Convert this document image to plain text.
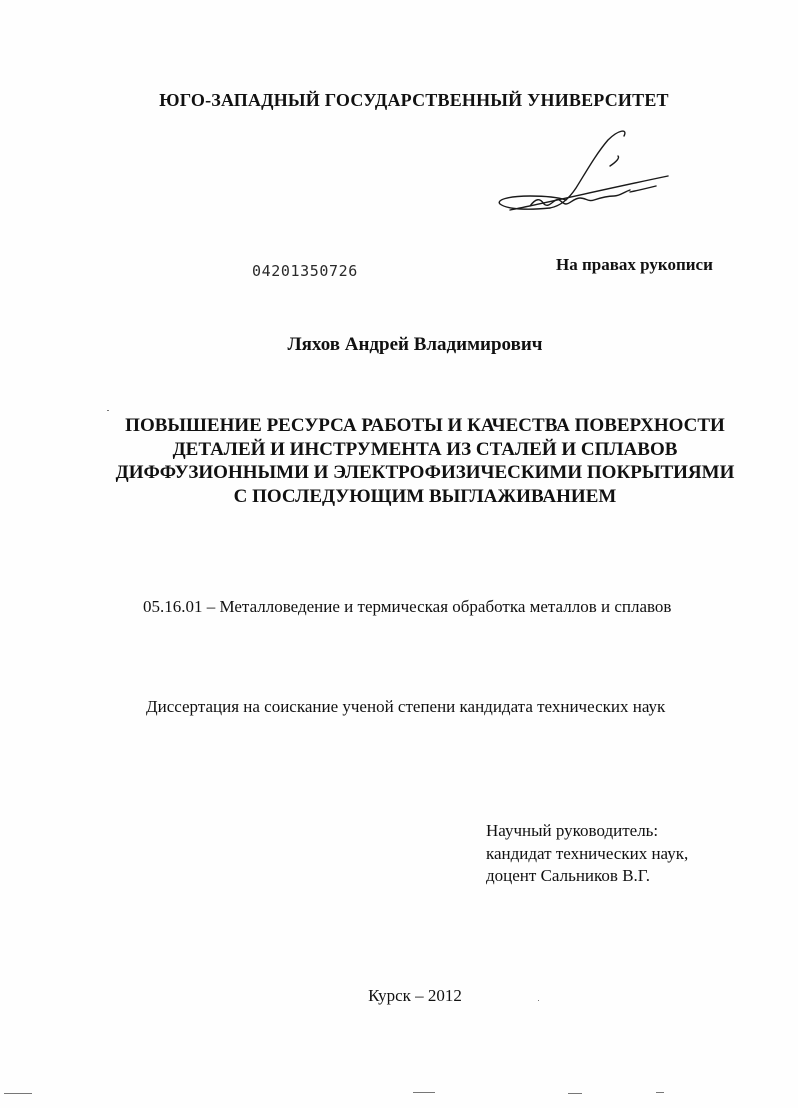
ЮГО-ЗАПАДНЫЙ ГОСУДАРСТВЕННЫЙ УНИВЕРСИТЕТ
04201350726	На правах рукописи
Ляхов Андрей Владимирович
ПОВЫШЕНИЕ РЕСУРСА РАБОТЫ И КАЧЕСТВА ПОВЕРХНОСТИ
ДЕТАЛЕЙ И ИНСТРУМЕНТА ИЗ СТАЛЕЙ И СПЛАВОВ
ДИФФУЗИОННЫМИ И ЭЛЕКТРОФИЗИЧЕСКИМИ ПОКРЫТИЯМИ
С ПОСЛЕДУЮЩИМ ВЫГЛАЖИВАНИЕМ
05.16.01 – Металловедение и термическая обработка металлов и сплавов
Диссертация на соискание ученой степени кандидата технических наук
Научный руководитель:
кандидат технических наук,
доцент Сальников В.Г.
Курск – 2012
